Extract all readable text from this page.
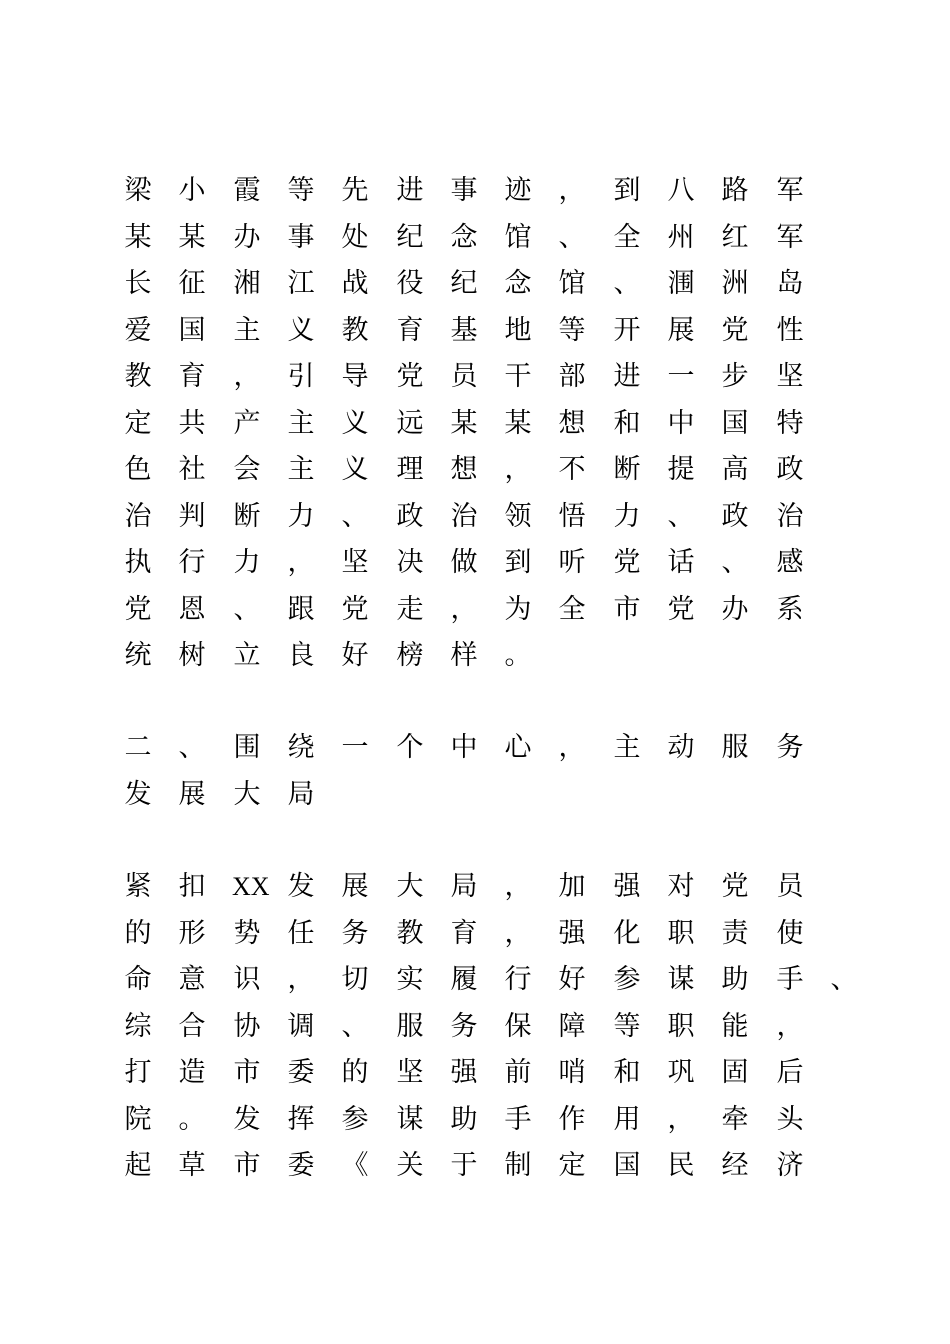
梁 小 霞 等 先 进 事 迹 ， 到 八 路 军
某 某 办 事 处 纪 念 馆 、 全 州 红 军
长 征 湘 江 战 役 纪 念 馆 、 涠 洲 岛
爱 国 主 义 教 育 基 地 等 开 展 党 性
教 育 ， 引 导 党 员 干 部 进 一 步 坚
定 共 产 主 义 远 某 某 想 和 中 国 特
色 社 会 主 义 理 想 ， 不 断 提 高 政
治 判 断 力 、 政 治 领 悟 力 、 政 治
执 行 力 ， 坚 决 做 到 听 党 话 、 感
党 恩 、 跟 党 走 ， 为 全 市 党 办 系
统 树 立 良 好 榜 样 。
二 、 围 绕 一 个 中 心 ， 主 动 服 务
发 展 大 局
紧 扣 XX 发 展 大 局 ， 加 强 对 党 员
的 形 势 任 务 教 育 ， 强 化 职 责 使
命 意 识 ， 切 实 履 行 好 参 谋 助 手 、
综 合 协 调 、 服 务 保 障 等 职 能 ，
打 造 市 委 的 坚 强 前 哨 和 巩 固 后
院 。 发 挥 参 谋 助 手 作 用 ， 牵 头
起 草 市 委 《 关 于 制 定 国 民 经 济
